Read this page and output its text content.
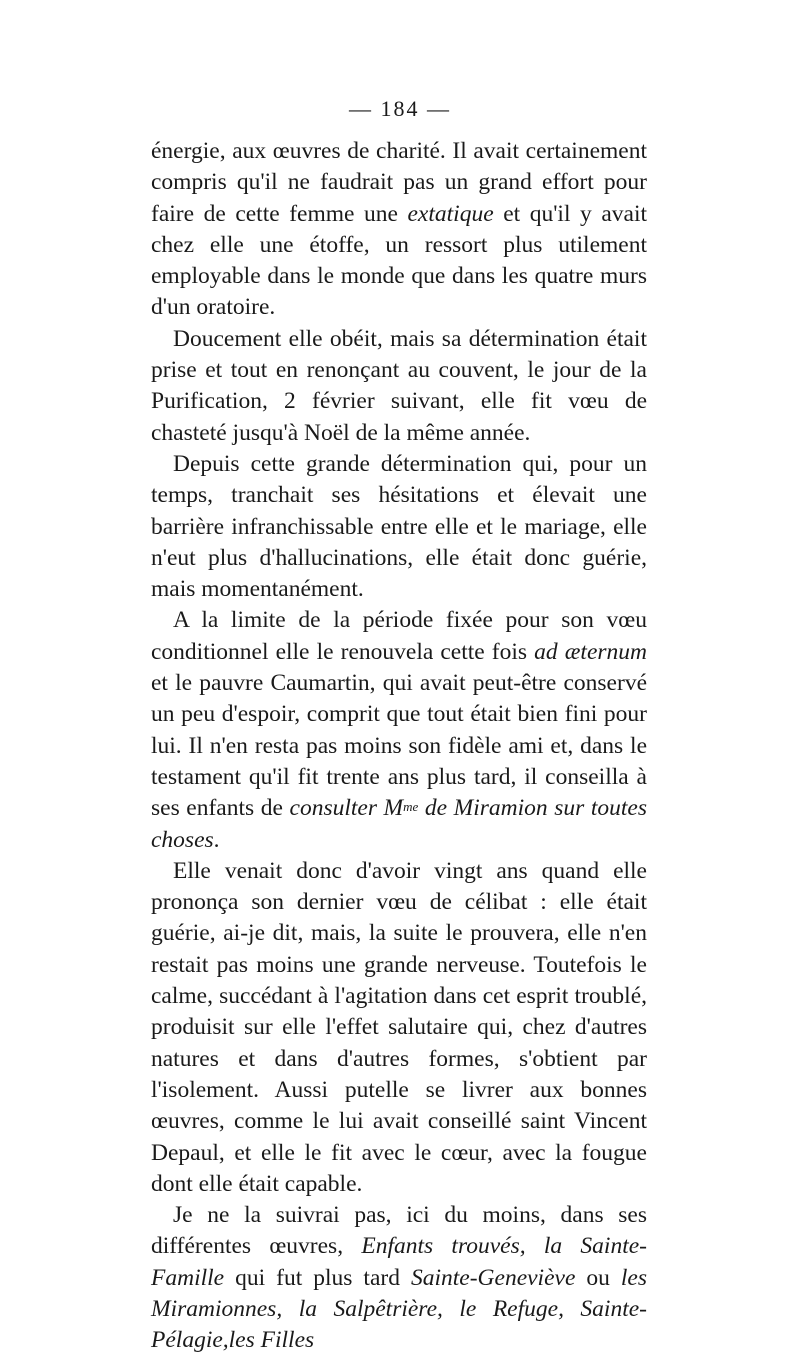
— 184 —

énergie, aux œuvres de charité. Il avait certainement compris qu'il ne faudrait pas un grand effort pour faire de cette femme une extatique et qu'il y avait chez elle une étoffe, un ressort plus utilement employable dans le monde que dans les quatre murs d'un oratoire.

Doucement elle obéit, mais sa détermination était prise et tout en renonçant au couvent, le jour de la Purification, 2 février suivant, elle fit vœu de chasteté jusqu'à Noël de la même année.

Depuis cette grande détermination qui, pour un temps, tranchait ses hésitations et élevait une barrière infranchissable entre elle et le mariage, elle n'eut plus d'hallucinations, elle était donc guérie, mais momentanément.

A la limite de la période fixée pour son vœu conditionnel elle le renouvela cette fois ad æternum et le pauvre Caumartin, qui avait peut-être conservé un peu d'espoir, comprit que tout était bien fini pour lui. Il n'en resta pas moins son fidèle ami et, dans le testament qu'il fit trente ans plus tard, il conseilla à ses enfants de consulter $M^{me}$ de Miramion sur toutes choses.

Elle venait donc d'avoir vingt ans quand elle prononça son dernier vœu de célibat : elle était guérie, ai-je dit, mais, la suite le prouvera, elle n'en restait pas moins une grande nerveuse. Toutefois le calme, succédant à l'agitation dans cet esprit troublé, produisit sur elle l'effet salutaire qui, chez d'autres natures et dans d'autres formes, s'obtient par l'isolement. Aussi putelle se livrer aux bonnes œuvres, comme le lui avait conseillé saint Vincent Depaul, et elle le fit avec le cœur, avec la fougue dont elle était capable.

Je ne la suivrai pas, ici du moins, dans ses différentes œuvres, Enfants trouvés, la Sainte-Famille qui fut plus tard Sainte-Geneviève ou les Miramionnes, la Salpêtrière, le Refuge, Sainte-Pélagie,les Filles
